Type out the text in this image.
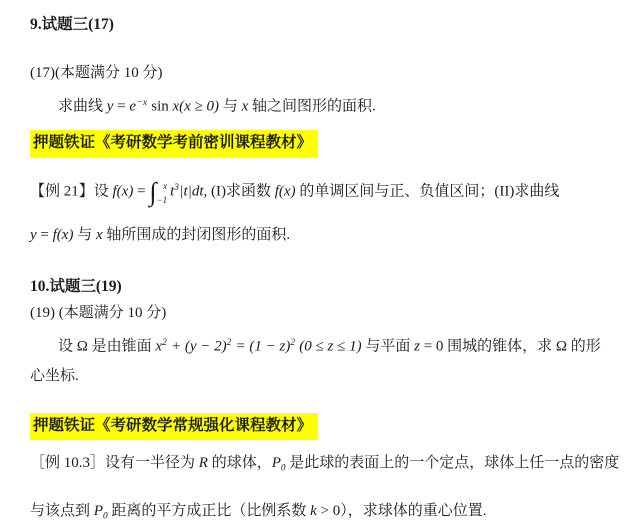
9.试题三(17)
(17)(本题满分 10 分)
求曲线 $y = e^{-x}$ sin x(x ≥ 0) 与 x 轴之间图形的面积.
押题铁证《考研数学考前密训课程教材》
【例 21】设 f(x) = ∫ x
−1
$t^3|t|dt$, (I)求函数 f(x) 的单调区间与正、负值区间；(II)求曲线
y = f(x) 与 x 轴所围成的封闭图形的面积.
10.试题三(19)
(19) (本题满分 10 分)
设 Ω 是由锥面 $x^2 + (y - 2)^2 = (1 - z)^2$ (0 ≤ z ≤ 1) 与平面 z = 0 围城的锥体，求 Ω 的形
心坐标.
押题铁证《考研数学常规强化课程教材》
［例 10.3］设有一半径为 R 的球体，$P_0$ 是此球的表面上的一个定点，球体上任一点的密度
与该点到 $P_0$ 距离的平方成正比（比例系数 k > 0），求球体的重心位置.
